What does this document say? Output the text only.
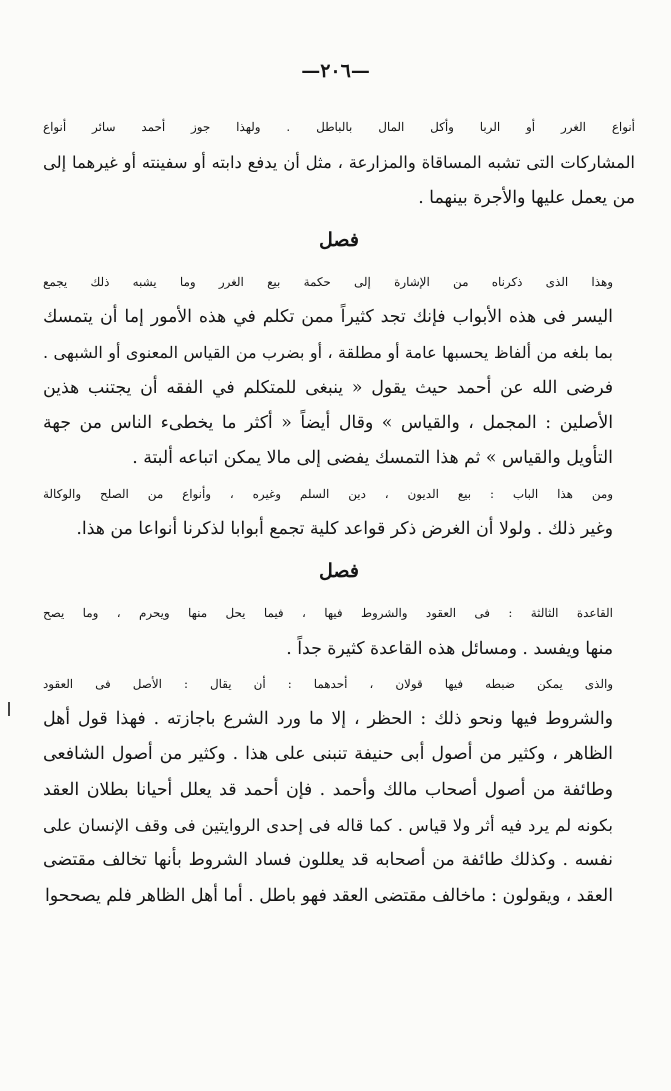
—٢٠٦—
أنواع الغرر أو الربا وأكل المال بالباطل . ولهذا جوز أحمد سائر أنواع
المشاركات التى تشبه المساقاة والمزارعة ، مثل أن يدفع دابته أو سفينته أو غيرهما إلى
من يعمل عليها والأجرة بينهما .
فصل
وهذا الذى ذكرناه من الإشارة إلى حكمة بيع الغرر وما يشبه ذلك يجمع
اليسر فى هذه الأبواب فإنك تجد كثيراً ممن تكلم في هذه الأمور إما أن يتمسك
بما بلغه من ألفاظ يحسبها عامة أو مطلقة ، أو بضرب من القياس المعنوى أو الشبهى .
فرضى الله عن أحمد حيث يقول « ينبغى للمتكلم في الفقه أن يجتنب هذين
الأصلين : المجمل ، والقياس » وقال أيضاً « أكثر ما يخطىء الناس من جهة
التأويل والقياس » ثم هذا التمسك يفضى إلى مالا يمكن اتباعه ألبتة .
ومن هذا الباب : بيع الديون ، دين السلم وغيره ، وأنواع من الصلح والوكالة
وغير ذلك . ولولا أن الغرض ذكر قواعد كلية تجمع أبوابا لذكرنا أنواعا من هذا.
فصل
القاعدة الثالثة : فى العقود والشروط فيها ، فيما يحل منها ويحرم ، وما يصح
منها ويفسد . ومسائل هذه القاعدة كثيرة جداً .
والذى يمكن ضبطه فيها قولان ، أحدهما : أن يقال : الأصل فى العقود
والشروط فيها ونحو ذلك : الحظر ، إلا ما ورد الشرع باجازته . فهذا قول أهل
الظاهر ، وكثير من أصول أبى حنيفة تنبنى على هذا . وكثير من أصول الشافعى
وطائفة من أصول أصحاب مالك وأحمد . فإن أحمد قد يعلل أحيانا بطلان العقد
بكونه لم يرد فيه أثر ولا قياس . كما قاله فى إحدى الروايتين فى وقف الإنسان على
نفسه . وكذلك طائفة من أصحابه قد يعللون فساد الشروط بأنها تخالف مقتضى
العقد ، ويقولون : ماخالف مقتضى العقد فهو باطل . أما أهل الظاهر فلم يصححوا
